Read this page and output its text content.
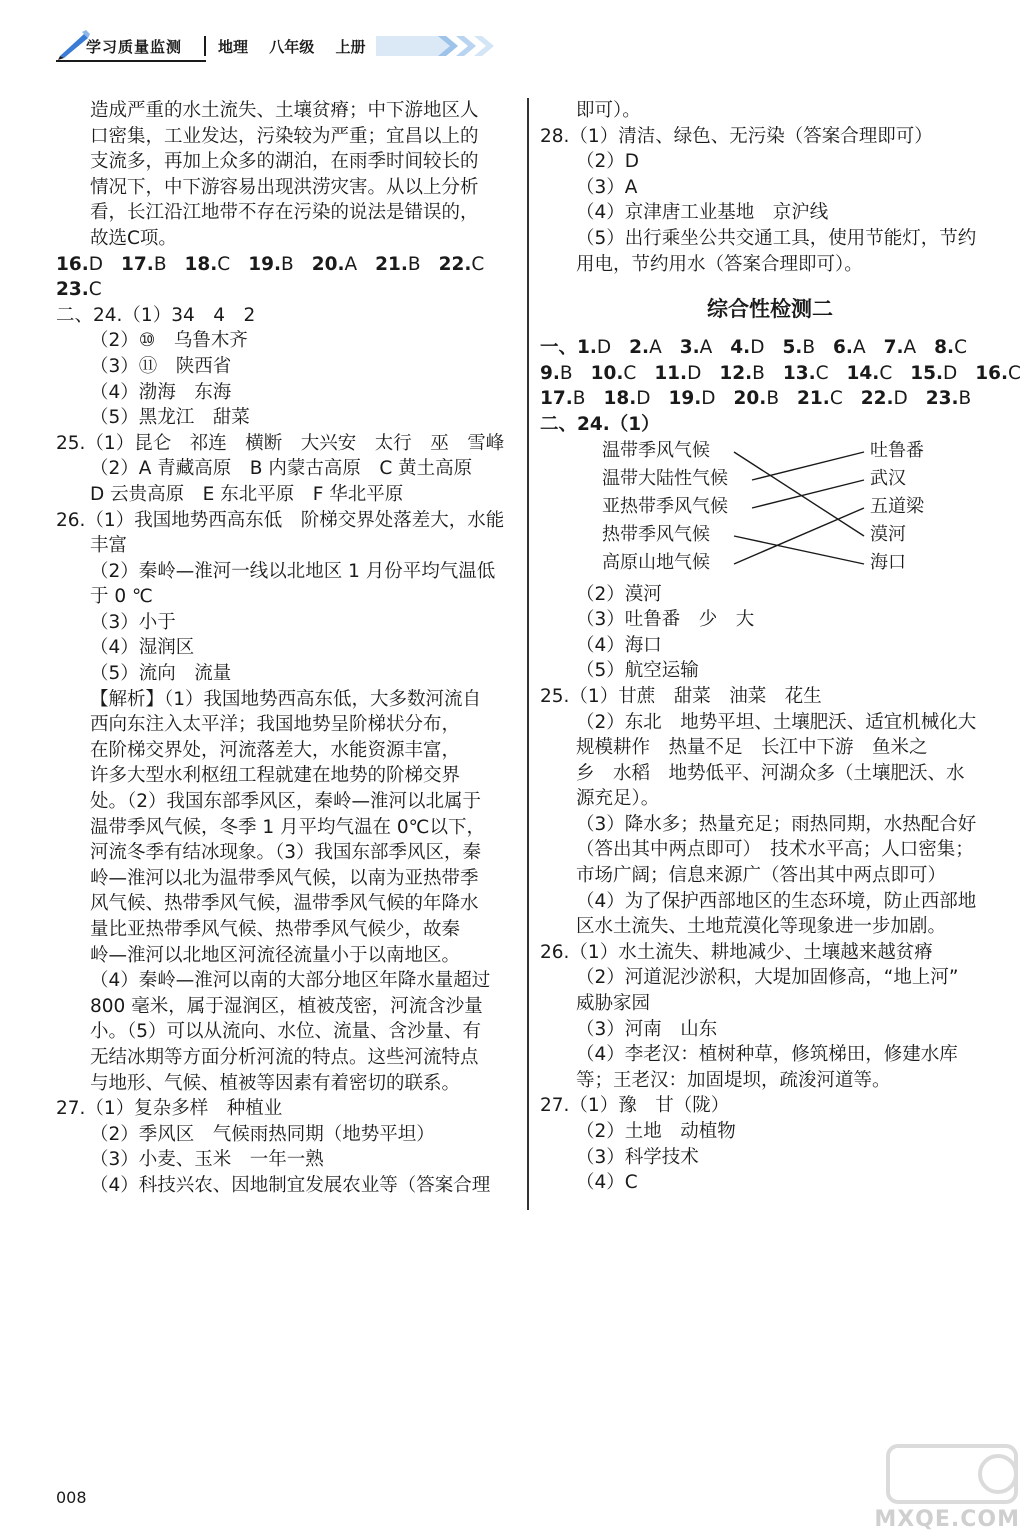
学习质量监测 地理 八年级 上册
造成严重的水土流失、土壤贫瘠；中下游地区人
口密集，工业发达，污染较为严重；宜昌以上的
支流多，再加上众多的湖泊，在雨季时间较长的
情况下，中下游容易出现洪涝灾害。从以上分析
看，长江沿江地带不存在污染的说法是错误的，
故选C项。
16.D 17.B 18.C 19.B 20.A 21.B 22.C
23.C
二、24.（1）34　4　2
（2）⑩　乌鲁木齐
（3）⑪　陕西省
（4）渤海　东海
（5）黑龙江　甜菜
25.（1）昆仑　祁连　横断　大兴安　太行　巫　雪峰
（2）A 青藏高原　B 内蒙古高原　C 黄土高原
D 云贵高原　E 东北平原　F 华北平原
26.（1）我国地势西高东低　阶梯交界处落差大，水能
丰富
（2）秦岭—淮河一线以北地区 1 月份平均气温低
于 0 ℃
（3）小于
（4）湿润区
（5）流向　流量
【解析】（1）我国地势西高东低，大多数河流自
西向东注入太平洋；我国地势呈阶梯状分布，
在阶梯交界处，河流落差大，水能资源丰富，
许多大型水利枢纽工程就建在地势的阶梯交界
处。（2）我国东部季风区，秦岭—淮河以北属于
温带季风气候，冬季 1 月平均气温在 0℃以下，
河流冬季有结冰现象。（3）我国东部季风区，秦
岭—淮河以北为温带季风气候，以南为亚热带季
风气候、热带季风气候，温带季风气候的年降水
量比亚热带季风气候、热带季风气候少，故秦
岭—淮河以北地区河流径流量小于以南地区。
（4）秦岭—淮河以南的大部分地区年降水量超过
800 毫米，属于湿润区，植被茂密，河流含沙量
小。（5）可以从流向、水位、流量、含沙量、有
无结冰期等方面分析河流的特点。这些河流特点
与地形、气候、植被等因素有着密切的联系。
27.（1）复杂多样　种植业
（2）季风区　气候雨热同期（地势平坦）
（3）小麦、玉米　一年一熟
（4）科技兴农、因地制宜发展农业等（答案合理
即可）。
28.（1）清洁、绿色、无污染（答案合理即可）
（2）D
（3）A
（4）京津唐工业基地　京沪线
（5）出行乘坐公共交通工具，使用节能灯，节约
用电，节约用水（答案合理即可）。
综合性检测二
一、1.D 2.A 3.A 4.D 5.B 6.A 7.A 8.C
9.B 10.C 11.D 12.B 13.C 14.C 15.D 16.C
17.B 18.D 19.D 20.B 21.C 22.D 23.B
二、24.（1）
温带季风气候
温带大陆性气候
亚热带季风气候
热带季风气候
高原山地气候
吐鲁番
武汉
五道梁
漠河
海口
（2）漠河
（3）吐鲁番　少　大
（4）海口
（5）航空运输
25.（1）甘蔗　甜菜　油菜　花生
（2）东北　地势平坦、土壤肥沃、适宜机械化大
规模耕作　热量不足　长江中下游　鱼米之
乡　水稻　地势低平、河湖众多（土壤肥沃、水
源充足）。
（3）降水多；热量充足；雨热同期，水热配合好
（答出其中两点即可）　技术水平高；人口密集；
市场广阔；信息来源广（答出其中两点即可）
（4）为了保护西部地区的生态环境，防止西部地
区水土流失、土地荒漠化等现象进一步加剧。
26.（1）水土流失、耕地减少、土壤越来越贫瘠
（2）河道泥沙淤积，大堤加固修高，“地上河”
威胁家园
（3）河南　山东
（4）李老汉：植树种草，修筑梯田，修建水库
等；王老汉：加固堤坝，疏浚河道等。
27.（1）豫　甘（陇）
（2）土地　动植物
（3）科学技术
（4）C
008
MXQE.COM
